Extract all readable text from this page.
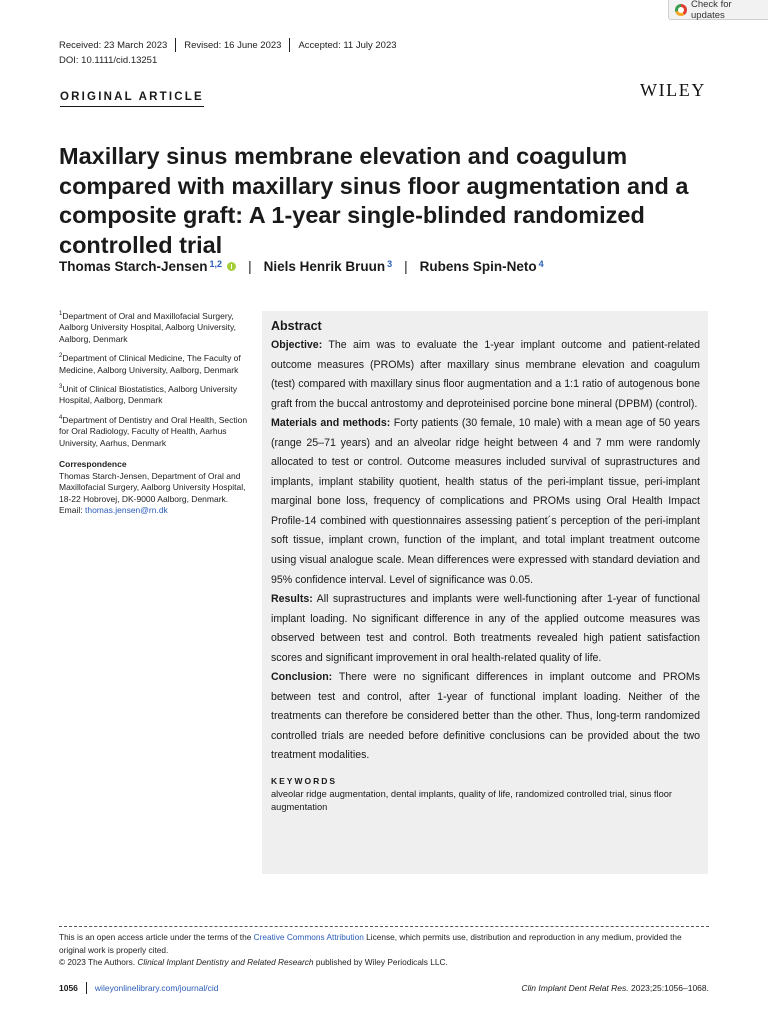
Check for updates
Received: 23 March 2023 Revised: 16 June 2023 Accepted: 11 July 2023
DOI: 10.1111/cid.13251
ORIGINAL ARTICLE	WILEY
Maxillary sinus membrane elevation and coagulum compared with maxillary sinus floor augmentation and a composite graft: A 1-year single-blinded randomized controlled trial
Thomas Starch-Jensen$^{1,2}$ | Niels Henrik Bruun$^3$ | Rubens Spin-Neto$^4$
$^1$Department of Oral and Maxillofacial Surgery, Aalborg University Hospital, Aalborg University, Aalborg, Denmark
$^2$Department of Clinical Medicine, The Faculty of Medicine, Aalborg University, Aalborg, Denmark
$^3$Unit of Clinical Biostatistics, Aalborg University Hospital, Aalborg, Denmark
$^4$Department of Dentistry and Oral Health, Section for Oral Radiology, Faculty of Health, Aarhus University, Aarhus, Denmark
Correspondence
Thomas Starch-Jensen, Department of Oral and Maxillofacial Surgery, Aalborg University Hospital, 18-22 Hobrovej, DK-9000 Aalborg, Denmark.
Email: thomas.jensen@rn.dk
Abstract

Objective: The aim was to evaluate the 1-year implant outcome and patient-related outcome measures (PROMs) after maxillary sinus membrane elevation and coagulum (test) compared with maxillary sinus floor augmentation and a 1:1 ratio of autogenous bone graft from the buccal antrostomy and deproteinised porcine bone mineral (DPBM) (control).

Materials and methods: Forty patients (30 female, 10 male) with a mean age of 50 years (range 25–71 years) and an alveolar ridge height between 4 and 7 mm were randomly allocated to test or control. Outcome measures included survival of suprastructures and implants, implant stability quotient, health status of the peri-implant tissue, peri-implant marginal bone loss, frequency of complications and PROMs using Oral Health Impact Profile-14 combined with questionnaires assessing patient´s perception of the peri-implant soft tissue, implant crown, function of the implant, and total implant treatment outcome using visual analogue scale. Mean differences were expressed with standard deviation and 95% confidence interval. Level of significance was 0.05.

Results: All suprastructures and implants were well-functioning after 1-year of functional implant loading. No significant difference in any of the applied outcome measures was observed between test and control. Both treatments revealed high patient satisfaction scores and significant improvement in oral health-related quality of life.

Conclusion: There were no significant differences in implant outcome and PROMs between test and control, after 1-year of functional implant loading. Neither of the treatments can therefore be considered better than the other. Thus, long-term randomized controlled trials are needed before definitive conclusions can be provided about the two treatment modalities.

KEYWORDS
alveolar ridge augmentation, dental implants, quality of life, randomized controlled trial, sinus floor augmentation
This is an open access article under the terms of the Creative Commons Attribution License, which permits use, distribution and reproduction in any medium, provided the original work is properly cited.
© 2023 The Authors. Clinical Implant Dentistry and Related Research published by Wiley Periodicals LLC.
1056 wileyonlinelibrary.com/journal/cid	Clin Implant Dent Relat Res. 2023;25:1056–1068.
